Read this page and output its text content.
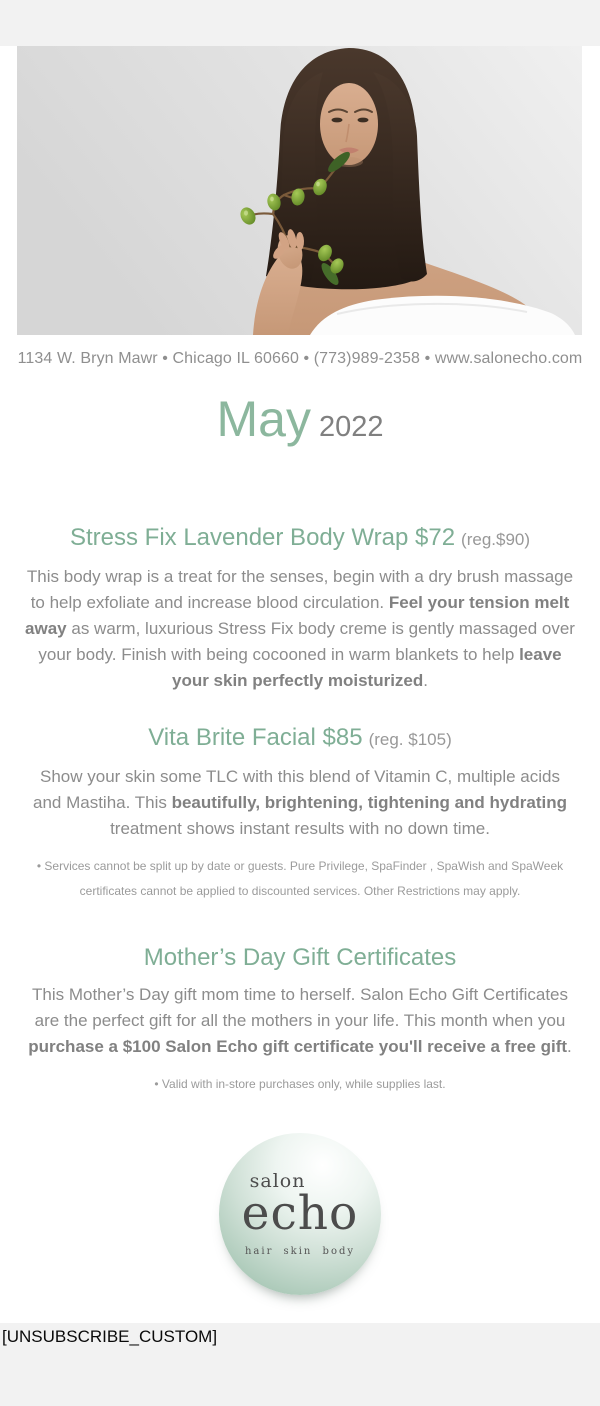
1134 W. Bryn Mawr • Chicago IL 60660 • (773)989-2358 • www.salonecho.com
May 2022
Stress Fix Lavender Body Wrap $72 (reg.$90)

This body wrap is a treat for the senses, begin with a dry brush massage to help exfoliate and increase blood circulation. Feel your tension melt away as warm, luxurious Stress Fix body creme is gently massaged over your body. Finish with being cocooned in warm blankets to help leave your skin perfectly moisturized.

Vita Brite Facial $85 (reg. $105)

Show your skin some TLC with this blend of Vitamin C, multiple acids and Mastiha. This beautifully, brightening, tightening and hydrating treatment shows instant results with no down time.

• Services cannot be split up by date or guests. Pure Privilege, SpaFinder , SpaWish and SpaWeek certificates cannot be applied to discounted services. Other Restrictions may apply.

Mother’s Day Gift Certificates

This Mother’s Day gift mom time to herself. Salon Echo Gift Certificates are the perfect gift for all the mothers in your life. This month when you purchase a $100 Salon Echo gift certificate you'll receive a free gift.

• Valid with in-store purchases only, while supplies last.

salon
echo
hair skin body
[UNSUBSCRIBE_CUSTOM]
